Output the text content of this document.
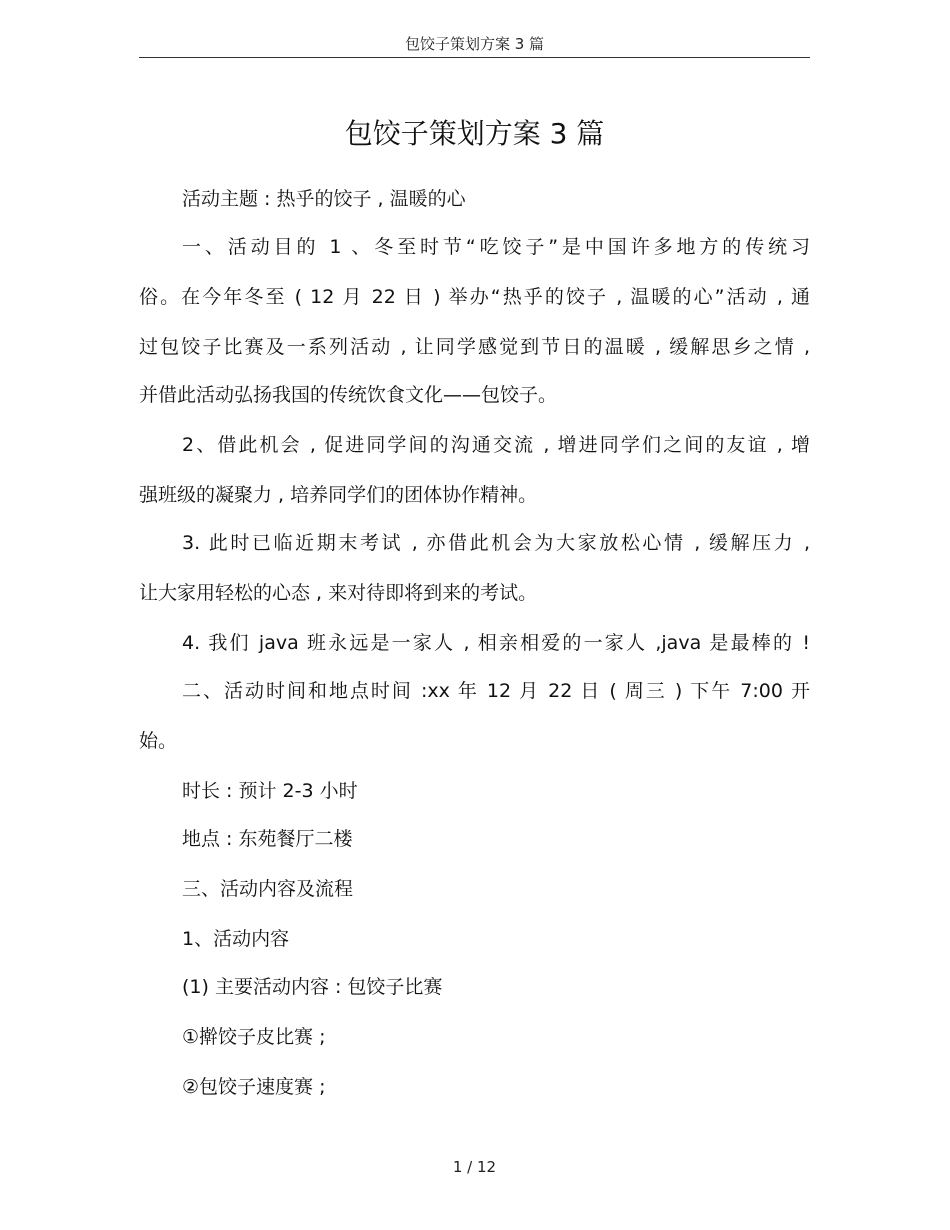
包饺子策划方案 3 篇
包饺子策划方案 3 篇
活动主题 : 热乎的饺子 , 温暖的心
一、活动目的 1 、冬至时节“吃饺子”是中国许多地方的传统习
俗。在今年冬至 ( 12 月 22 日 ) 举办“热乎的饺子 , 温暖的心”活动 , 通
过包饺子比赛及一系列活动 , 让同学感觉到节日的温暖 , 缓解思乡之情 ,
并借此活动弘扬我国的传统饮食文化——包饺子。
2、借此机会 , 促进同学间的沟通交流 , 增进同学们之间的友谊 , 增
强班级的凝聚力 , 培养同学们的团体协作精神。
3. 此时已临近期末考试 , 亦借此机会为大家放松心情 , 缓解压力 ,
让大家用轻松的心态 , 来对待即将到来的考试。
4. 我们 java 班永远是一家人 , 相亲相爱的一家人 ,java 是最棒的 !
二、活动时间和地点时间 :xx 年 12 月 22 日 ( 周三 ) 下午 7:00 开
始。
时长 : 预计 2-3 小时
地点 : 东苑餐厅二楼
三、活动内容及流程
1、活动内容
(1) 主要活动内容 : 包饺子比赛
①擀饺子皮比赛 ;
②包饺子速度赛 ;
1 / 12
